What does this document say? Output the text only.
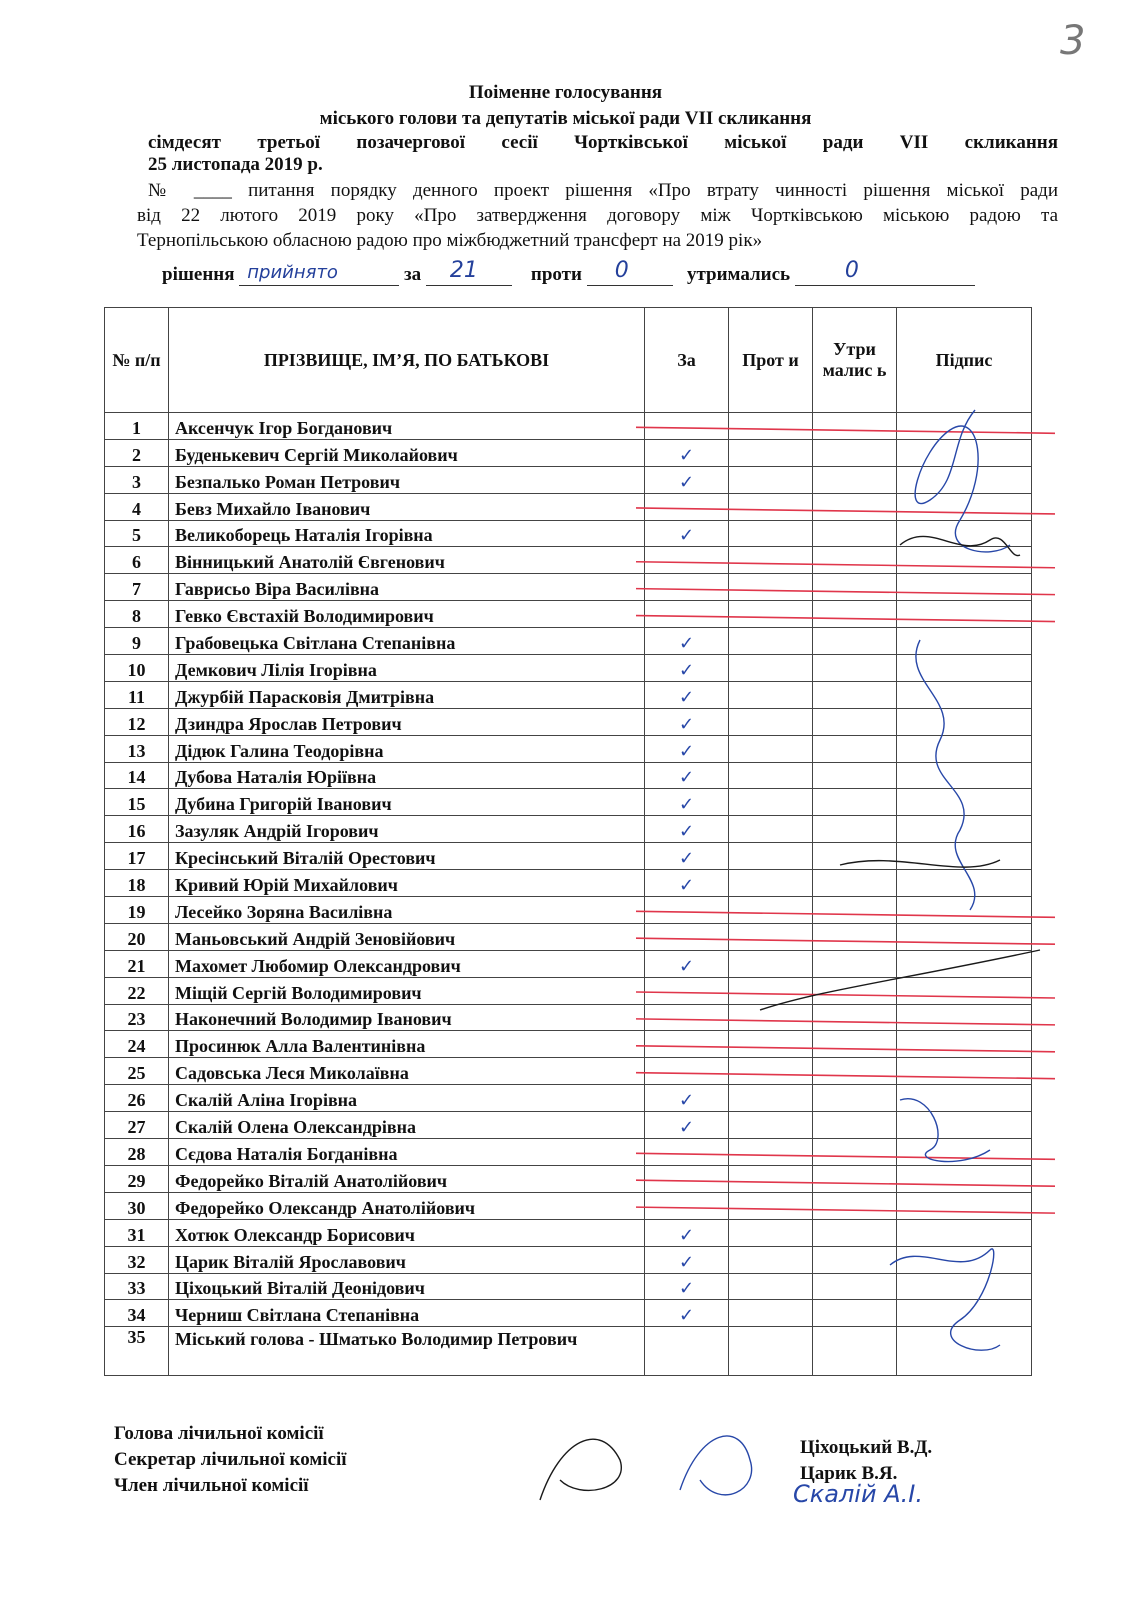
3
Поіменне голосування
міського голови та депутатів міської ради VІІ скликання
сімдесят третьої позачергової сесії Чортківської міської ради VІІ скликання
25 листопада 2019 р.
№ ____ питання порядку денного проект рішення «Про втрату чинності рішення міської ради
від 22 лютого 2019 року «Про затвердження договору між Чортківською міською радою та
Тернопільською обласною радою про міжбюджетний трансферт на 2019 рік»
рішення прийнято	за 21	проти 0	утримались 0
№ п/п	ПРІЗВИЩЕ, ІМ’Я, ПО БАТЬКОВІ	За	Прот и	Утри малис ь	Підпис
1	Аксенчук Ігор Богданович				
2	Буденькевич Сергій Миколайович	✓			
3	Безпалько Роман Петрович	✓			
4	Бевз Михайло Іванович				
5	Великоборець Наталія Ігорівна	✓			
6	Вінницький Анатолій Євгенович				
7	Гаврисьо Віра Василівна				
8	Гевко Євстахій Володимирович				
9	Грабовецька Світлана Степанівна	✓			
10	Демкович Лілія Ігорівна	✓			
11	Джурбій Парасковія Дмитрівна	✓			
12	Дзиндра Ярослав Петрович	✓			
13	Дідюк Галина Теодорівна	✓			
14	Дубова Наталія Юріївна	✓			
15	Дубина Григорій Іванович	✓			
16	Зазуляк Андрій Ігорович	✓			
17	Кресінський Віталій Орестович	✓			
18	Кривий Юрій Михайлович	✓			
19	Лесейко Зоряна Василівна				
20	Маньовський Андрій Зеновійович				
21	Махомет Любомир Олександрович	✓			
22	Міщій Сергій Володимирович				
23	Наконечний Володимир Іванович				
24	Просинюк Алла Валентинівна				
25	Садовська Леся Миколаївна				
26	Скалій Аліна Ігорівна	✓			
27	Скалій Олена Олександрівна	✓			
28	Сєдова Наталія Богданівна				
29	Федорейко Віталій Анатолійович				
30	Федорейко Олександр Анатолійович				
31	Хотюк Олександр Борисович	✓			
32	Царик Віталій Ярославович	✓			
33	Ціхоцький Віталій Деонідович	✓			
34	Черниш Світлана Степанівна	✓			
35	Міський голова - Шматько Володимир Петрович				
Голова лічильної комісії
Секретар лічильної комісії
Член лічильної комісії
Ціхоцький В.Д.
Царик В.Я.
Скалій А.І.
